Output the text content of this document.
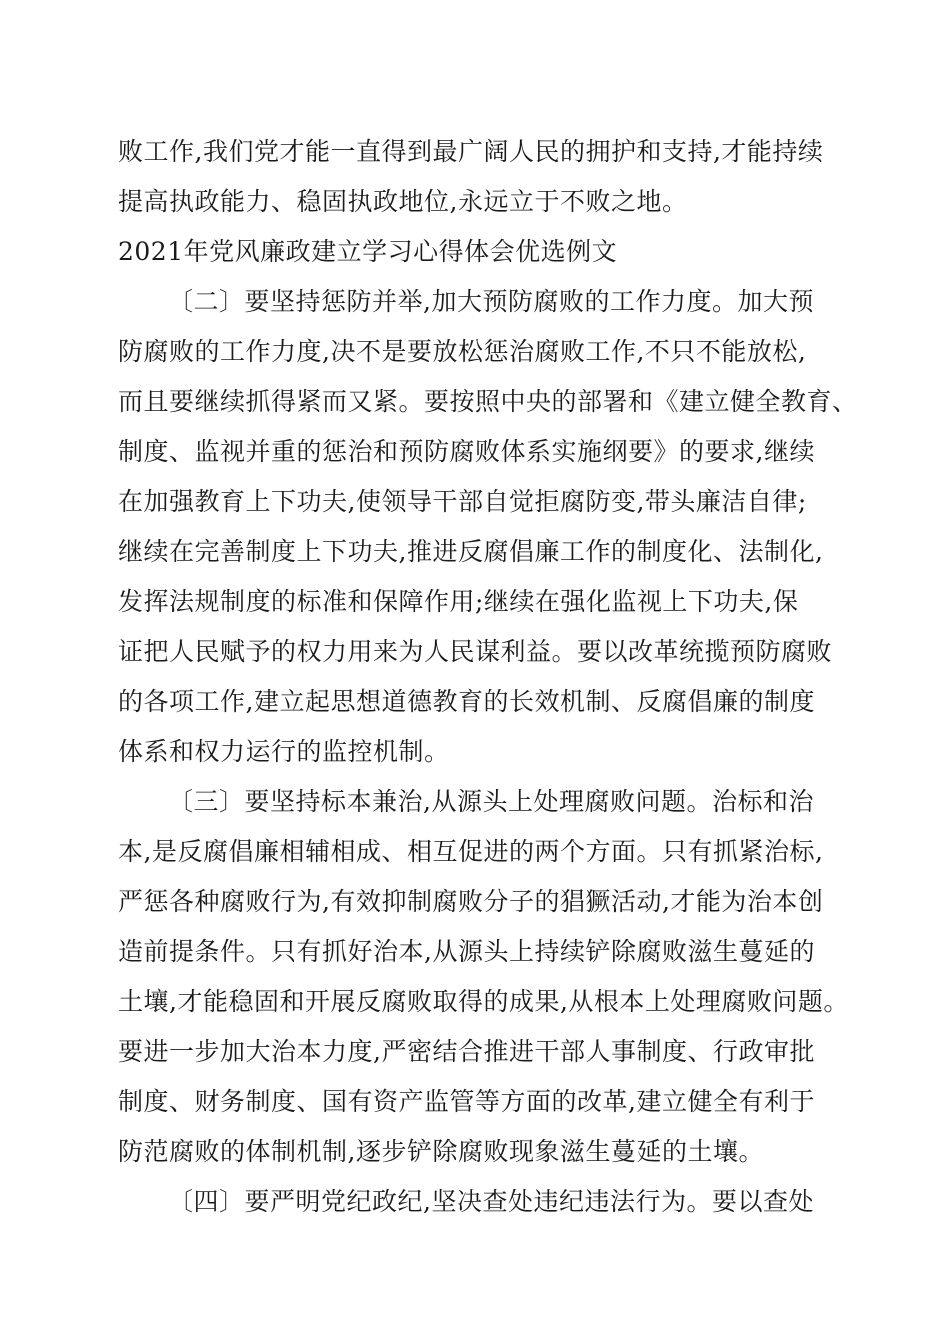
败工作,我们党才能一直得到最广阔人民的拥护和支持,才能持续
提高执政能力、稳固执政地位,永远立于不败之地。
2021年党风廉政建立学习心得体会优选例文
〔二〕要坚持惩防并举,加大预防腐败的工作力度。加大预
防腐败的工作力度,决不是要放松惩治腐败工作,不只不能放松,
而且要继续抓得紧而又紧。要按照中央的部署和《建立健全教育、
制度、监视并重的惩治和预防腐败体系实施纲要》的要求,继续
在加强教育上下功夫,使领导干部自觉拒腐防变,带头廉洁自律;
继续在完善制度上下功夫,推进反腐倡廉工作的制度化、法制化,
发挥法规制度的标准和保障作用;继续在强化监视上下功夫,保
证把人民赋予的权力用来为人民谋利益。要以改革统揽预防腐败
的各项工作,建立起思想道德教育的长效机制、反腐倡廉的制度
体系和权力运行的监控机制。
〔三〕要坚持标本兼治,从源头上处理腐败问题。治标和治
本,是反腐倡廉相辅相成、相互促进的两个方面。只有抓紧治标,
严惩各种腐败行为,有效抑制腐败分子的猖獗活动,才能为治本创
造前提条件。只有抓好治本,从源头上持续铲除腐败滋生蔓延的
土壤,才能稳固和开展反腐败取得的成果,从根本上处理腐败问题。
要进一步加大治本力度,严密结合推进干部人事制度、行政审批
制度、财务制度、国有资产监管等方面的改革,建立健全有利于
防范腐败的体制机制,逐步铲除腐败现象滋生蔓延的土壤。
〔四〕要严明党纪政纪,坚决查处违纪违法行为。要以查处
